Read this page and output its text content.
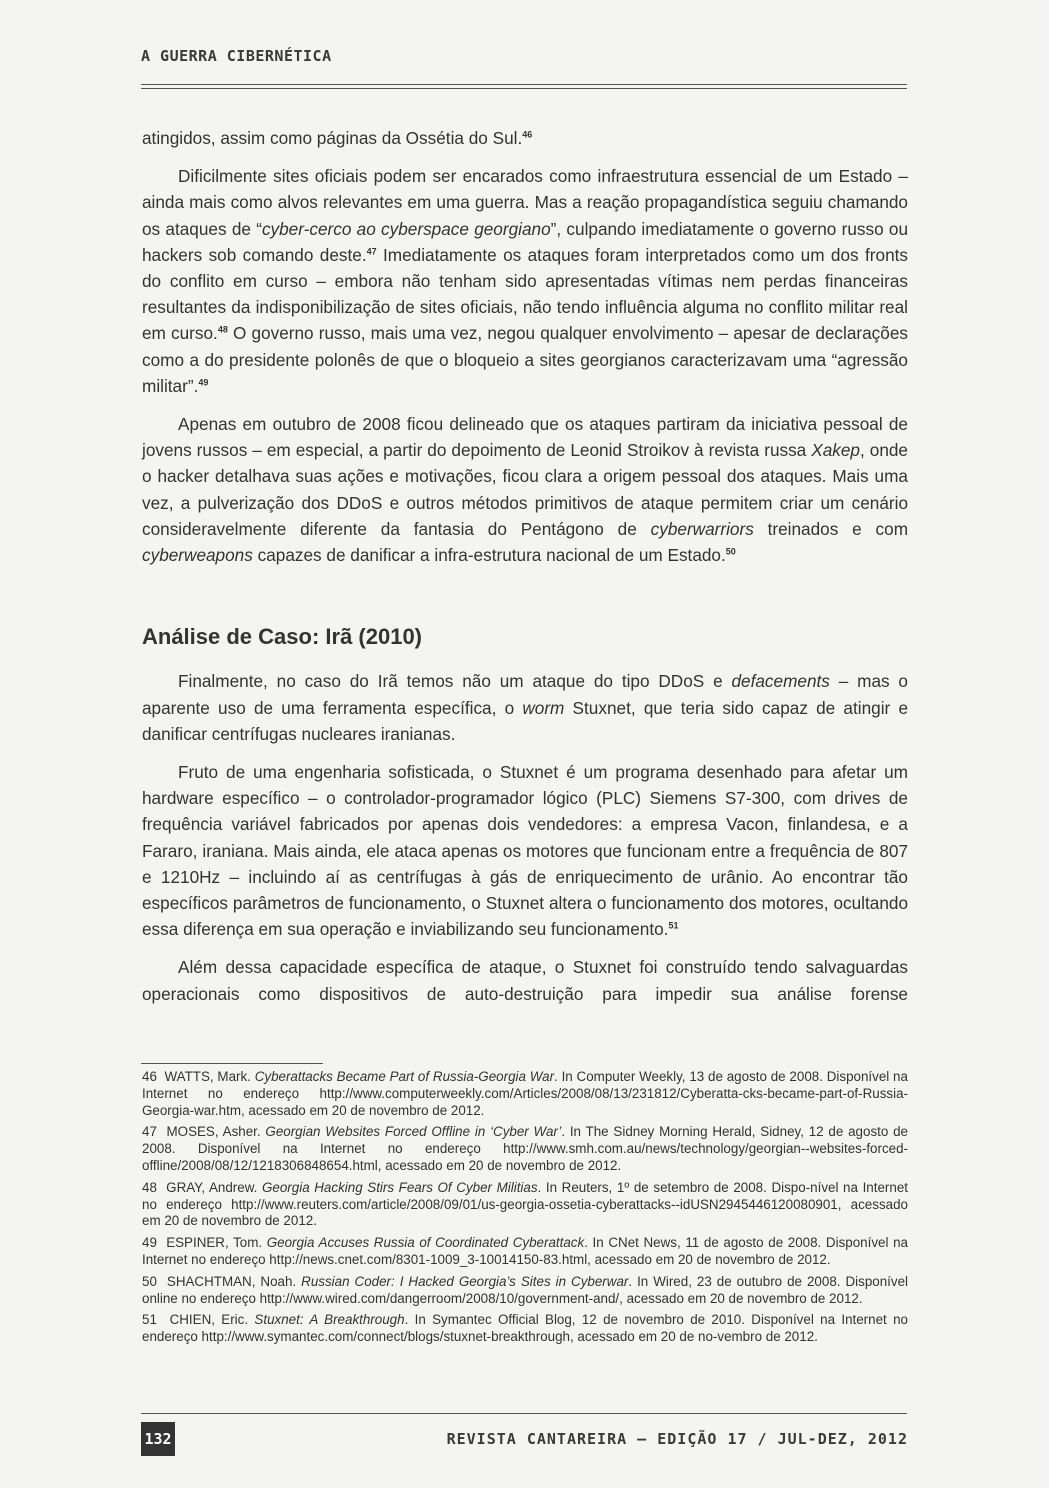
A GUERRA CIBERNÉTICA

atingidos, assim como páginas da Ossétia do Sul.$^{46}$

Dificilmente sites oficiais podem ser encarados como infraestrutura essencial de um Estado – ainda mais como alvos relevantes em uma guerra. Mas a reação propagandística seguiu chamando os ataques de “cyber-cerco ao cyberspace georgiano”, culpando imediatamente o governo russo ou hackers sob comando deste.$^{47}$ Imediatamente os ataques foram interpretados como um dos fronts do conflito em curso – embora não tenham sido apresentadas vítimas nem perdas financeiras resultantes da indisponibilização de sites oficiais, não tendo influência alguma no conflito militar real em curso.$^{48}$ O governo russo, mais uma vez, negou qualquer envolvimento – apesar de declarações como a do presidente polonês de que o bloqueio a sites georgianos caracterizavam uma “agressão militar”.$^{49}$

Apenas em outubro de 2008 ficou delineado que os ataques partiram da iniciativa pessoal de jovens russos – em especial, a partir do depoimento de Leonid Stroikov à revista russa Xakep, onde o hacker detalhava suas ações e motivações, ficou clara a origem pessoal dos ataques. Mais uma vez, a pulverização dos DDoS e outros métodos primitivos de ataque permitem criar um cenário consideravelmente diferente da fantasia do Pentágono de cyberwarriors treinados e com cyberweapons capazes de danificar a infra-estrutura nacional de um Estado.$^{50}$

Análise de Caso: Irã (2010)

Finalmente, no caso do Irã temos não um ataque do tipo DDoS e defacements – mas o aparente uso de uma ferramenta específica, o worm Stuxnet, que teria sido capaz de atingir e danificar centrífugas nucleares iranianas.

Fruto de uma engenharia sofisticada, o Stuxnet é um programa desenhado para afetar um hardware específico – o controlador-programador lógico (PLC) Siemens S7-300, com drives de frequência variável fabricados por apenas dois vendedores: a empresa Vacon, finlandesa, e a Fararo, iraniana. Mais ainda, ele ataca apenas os motores que funcionam entre a frequência de 807 e 1210Hz – incluindo aí as centrífugas à gás de enriquecimento de urânio. Ao encontrar tão específicos parâmetros de funcionamento, o Stuxnet altera o funcionamento dos motores, ocultando essa diferença em sua operação e inviabilizando seu funcionamento.$^{51}$

Além dessa capacidade específica de ataque, o Stuxnet foi construído tendo salvaguardas operacionais como dispositivos de auto-destruição para impedir sua análise forense

46 WATTS, Mark. Cyberattacks Became Part of Russia-Georgia War. In Computer Weekly, 13 de agosto de 2008. Disponível na Internet no endereço http://www.computerweekly.com/Articles/2008/08/13/231812/Cyberatta-cks-became-part-of-Russia-Georgia-war.htm, acessado em 20 de novembro de 2012.
47 MOSES, Asher. Georgian Websites Forced Offline in ‘Cyber War’. In The Sidney Morning Herald, Sidney, 12 de agosto de 2008. Disponível na Internet no endereço http://www.smh.com.au/news/technology/georgian--websites-forced-offline/2008/08/12/1218306848654.html, acessado em 20 de novembro de 2012.
48 GRAY, Andrew. Georgia Hacking Stirs Fears Of Cyber Militias. In Reuters, 1º de setembro de 2008. Dispo-nível na Internet no endereço http://www.reuters.com/article/2008/09/01/us-georgia-ossetia-cyberattacks--idUSN2945446120080901, acessado em 20 de novembro de 2012.
49 ESPINER, Tom. Georgia Accuses Russia of Coordinated Cyberattack. In CNet News, 11 de agosto de 2008. Disponível na Internet no endereço http://news.cnet.com/8301-1009_3-10014150-83.html, acessado em 20 de novembro de 2012.
50 SHACHTMAN, Noah. Russian Coder: I Hacked Georgia’s Sites in Cyberwar. In Wired, 23 de outubro de 2008. Disponível online no endereço http://www.wired.com/dangerroom/2008/10/government-and/, acessado em 20 de novembro de 2012.
51 CHIEN, Eric. Stuxnet: A Breakthrough. In Symantec Official Blog, 12 de novembro de 2010. Disponível na Internet no endereço http://www.symantec.com/connect/blogs/stuxnet-breakthrough, acessado em 20 de no-vembro de 2012.
132	REVISTA CANTAREIRA – EDIÇÃO 17 / JUL-DEZ, 2012
